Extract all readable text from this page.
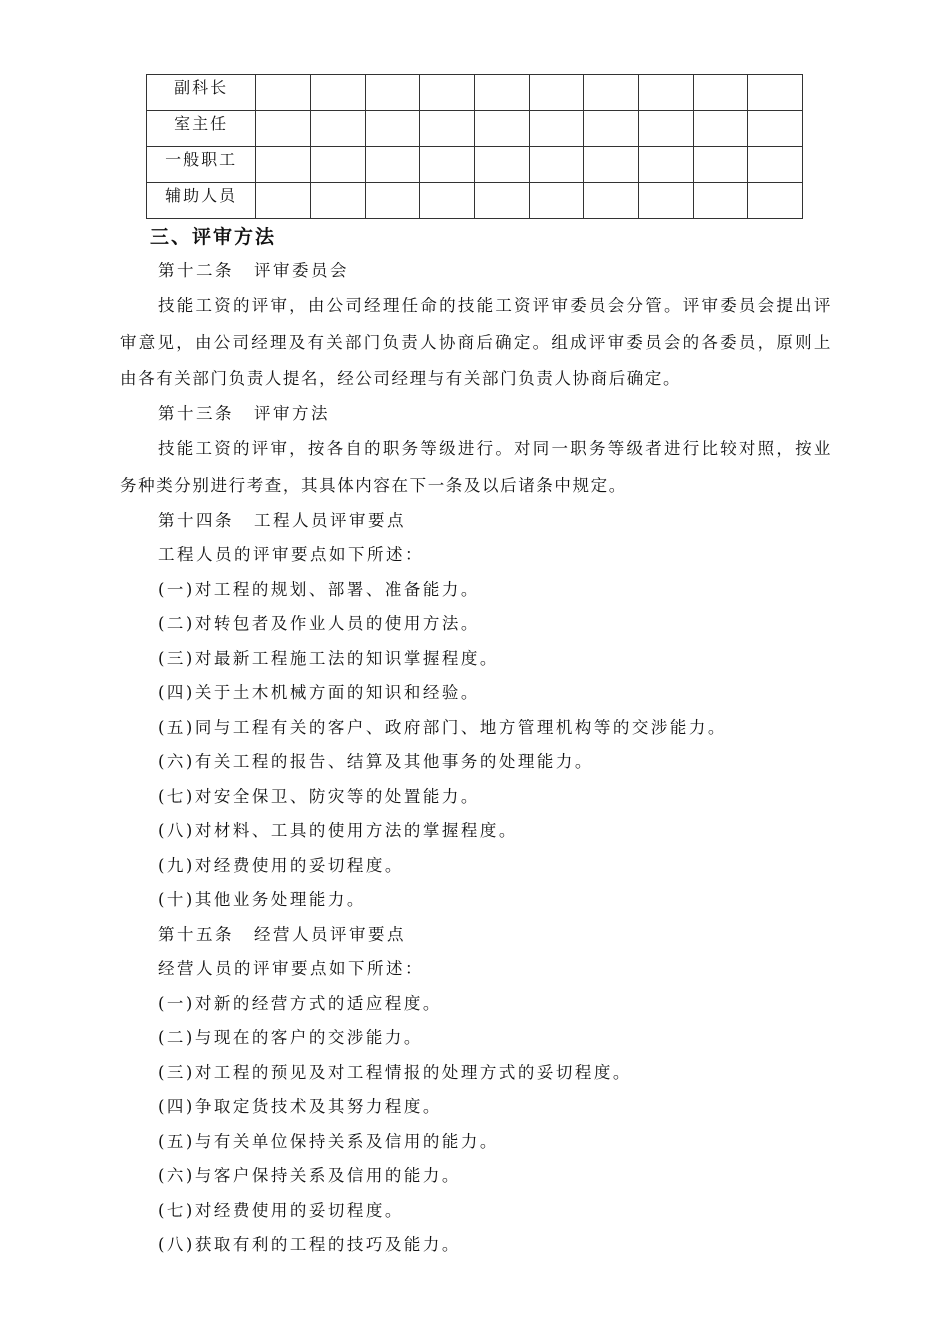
副科长										
室主任										
一般职工										
辅助人员										
三、评审方法
第十二条 评审委员会
技能工资的评审，由公司经理任命的技能工资评审委员会分管。评审委员会提出评
审意见，由公司经理及有关部门负责人协商后确定。组成评审委员会的各委员，原则上
由各有关部门负责人提名，经公司经理与有关部门负责人协商后确定。
第十三条 评审方法
技能工资的评审，按各自的职务等级进行。对同一职务等级者进行比较对照，按业
务种类分别进行考查，其具体内容在下一条及以后诸条中规定。
第十四条 工程人员评审要点
工程人员的评审要点如下所述：
(一)对工程的规划、部署、准备能力。
(二)对转包者及作业人员的使用方法。
(三)对最新工程施工法的知识掌握程度。
(四)关于土木机械方面的知识和经验。
(五)同与工程有关的客户、政府部门、地方管理机构等的交涉能力。
(六)有关工程的报告、结算及其他事务的处理能力。
(七)对安全保卫、防灾等的处置能力。
(八)对材料、工具的使用方法的掌握程度。
(九)对经费使用的妥切程度。
(十)其他业务处理能力。
第十五条 经营人员评审要点
经营人员的评审要点如下所述：
(一)对新的经营方式的适应程度。
(二)与现在的客户的交涉能力。
(三)对工程的预见及对工程情报的处理方式的妥切程度。
(四)争取定货技术及其努力程度。
(五)与有关单位保持关系及信用的能力。
(六)与客户保持关系及信用的能力。
(七)对经费使用的妥切程度。
(八)获取有利的工程的技巧及能力。
